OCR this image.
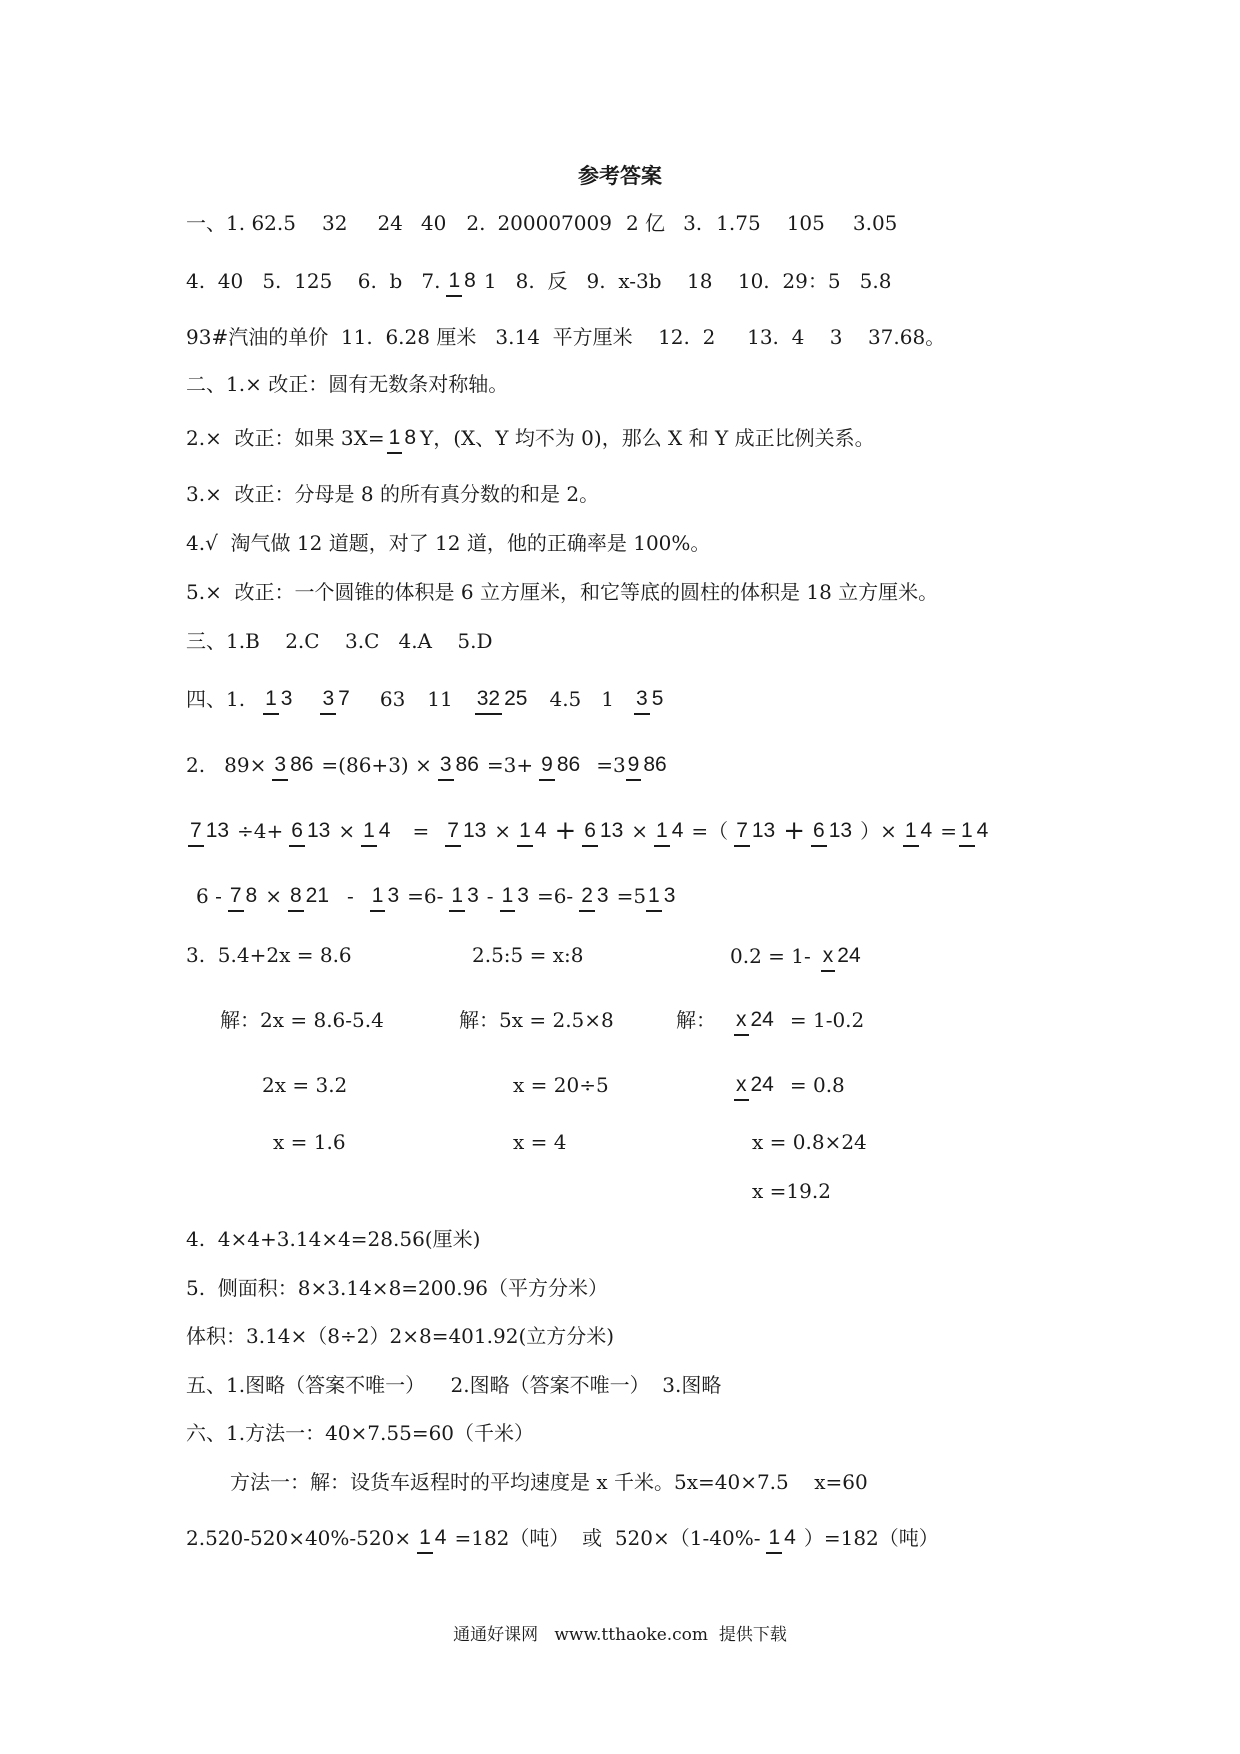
参考答案
一、1. 62.5 32 24 40 2. 200007009 2 亿 3. 1.75 105 3.05
4.  40   5.  125    6.  b   7. 1 8 1   8.  反   9.  x-3b    18    10.  29：5   5.8
93#汽油的单价  11.  6.28 厘米   3.14  平方厘米    12.  2     13.  4    3    37.68。
二、1.× 改正：圆有无数条对称轴。
2.×  改正：如果 3X= 1 8 Y，(X、Y 均不为 0)，那么 X 和 Y 成正比例关系。
3.×  改正：分母是 8 的所有真分数的和是 2。
4.√  淘气做 12 道题，对了 12 道，他的正确率是 100%。
5.×  改正：一个圆锥的体积是 6 立方厘米，和它等底的圆柱的体积是 18 立方厘米。
三、1.B    2.C    3.C   4.A    5.D
四、1. 1 3 3 7 63 11 32 25 4.5 1 3 5
2.   89× 3 86 =(86+3) × 3 86 =3+ 9 86 =3 9 86
7 13 ÷4+ 6 13 × 1 4 = 7 13 × 1 4 + 6 13 × 1 4 =（ 7 13 + 6 13 ）× 1 4 = 1 4
6 - 7 8 × 8 21 - 1 3 =6- 1 3 - 1 3 =6- 2 3 =5 1 3
3.  5.4+2x = 8.6
解：2x = 8.6-5.4
2x = 3.2
x = 1.6
2.5:5 = x:8
解：5x = 2.5×8
x = 20÷5
x = 4
0.2 = 1- x 24
解： x 24 = 1-0.2
x 24 = 0.8
x = 0.8×24
x =19.2
4.  4×4+3.14×4=28.56(厘米)
5.  侧面积：8×3.14×8=200.96（平方分米）
体积：3.14×（8÷2）2×8=401.92(立方分米)
五、1.图略（答案不唯一）    2.图略（答案不唯一）  3.图略
六、1.方法一：40×7.55=60（千米）
方法一：解：设货车返程时的平均速度是 x 千米。5x=40×7.5    x=60
2.520-520×40%-520× 1 4 =182（吨）  或  520×（1-40%- 1 4 ）=182（吨）
通通好课网   www.tthaoke.com  提供下载
